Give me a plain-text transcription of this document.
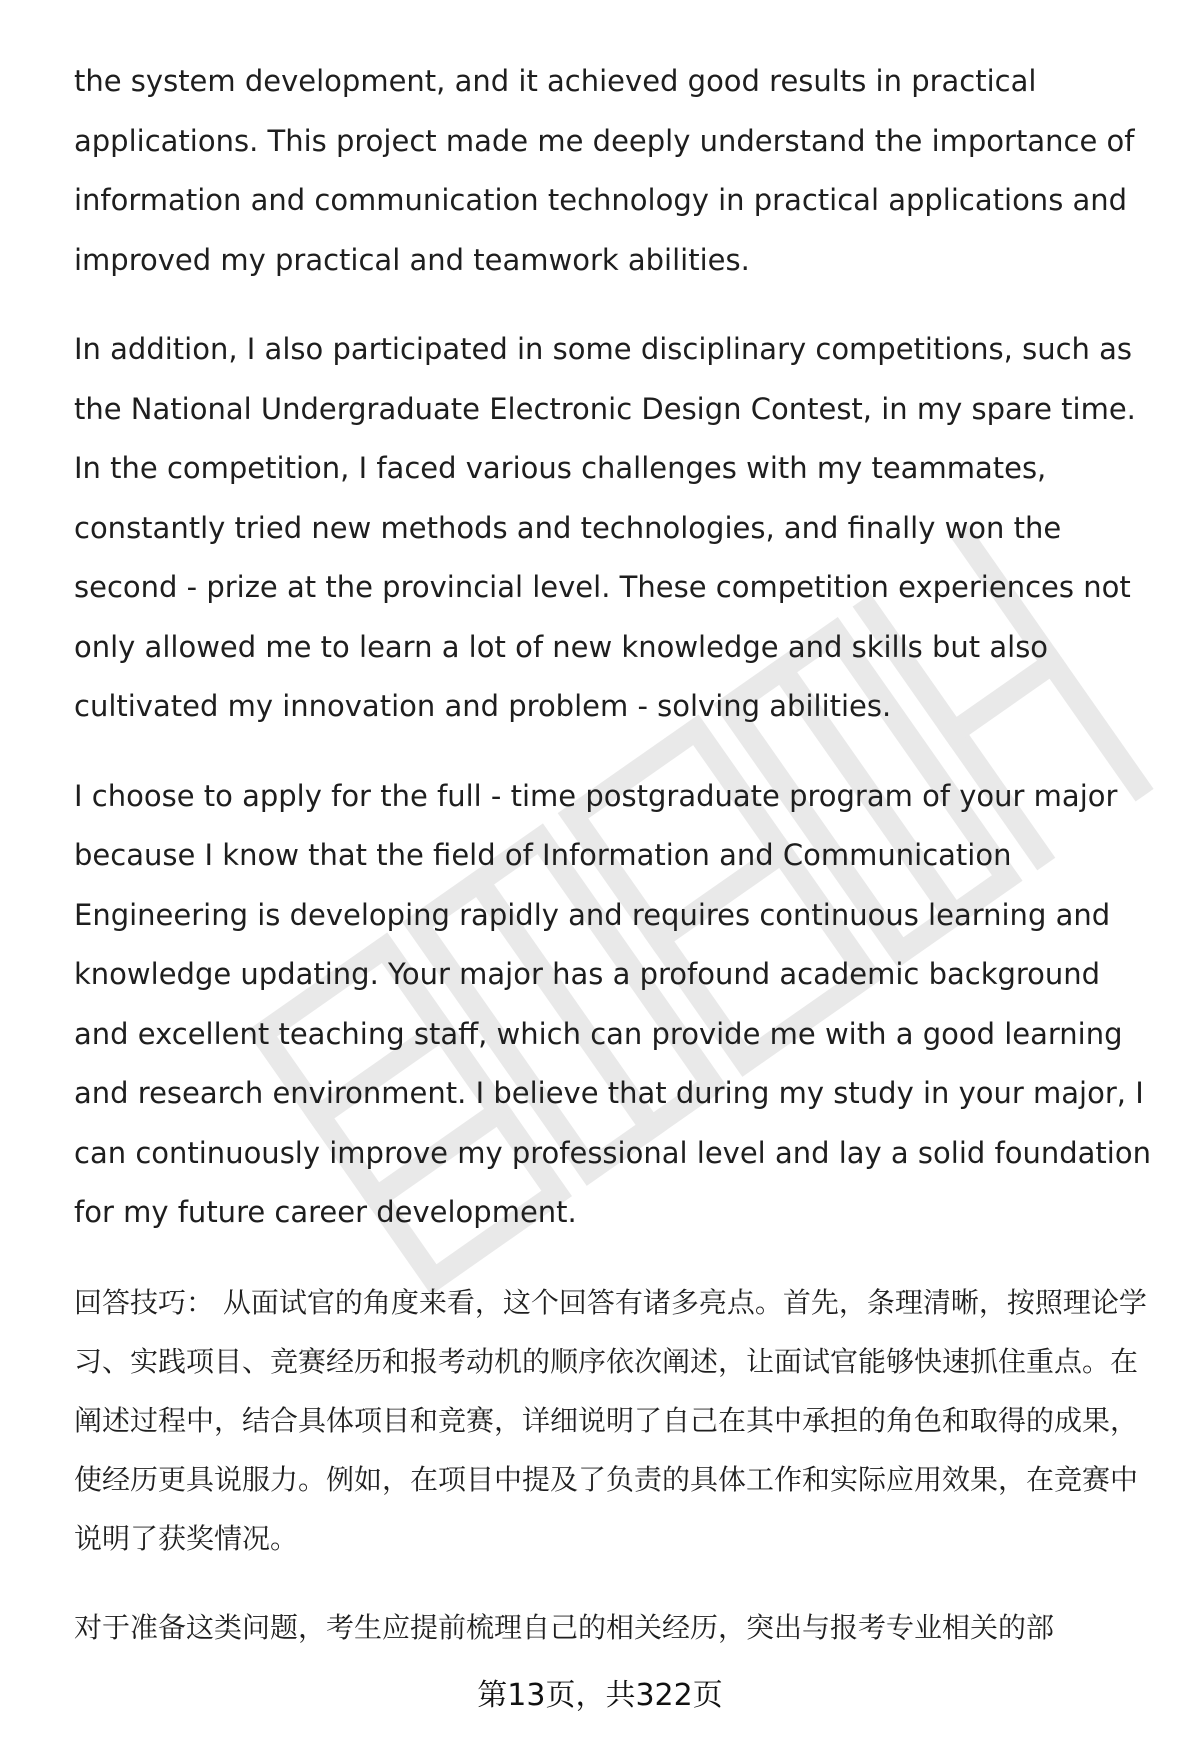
the system development, and it achieved good results in practical applications. This project made me deeply understand the importance of information and communication technology in practical applications and improved my practical and teamwork abilities.

In addition, I also participated in some disciplinary competitions, such as the National Undergraduate Electronic Design Contest, in my spare time. In the competition, I faced various challenges with my teammates, constantly tried new methods and technologies, and finally won the second - prize at the provincial level. These competition experiences not only allowed me to learn a lot of new knowledge and skills but also cultivated my innovation and problem - solving abilities.

I choose to apply for the full - time postgraduate program of your major because I know that the field of Information and Communication Engineering is developing rapidly and requires continuous learning and knowledge updating. Your major has a profound academic background and excellent teaching staff, which can provide me with a good learning and research environment. I believe that during my study in your major, I can continuously improve my professional level and lay a solid foundation for my future career development.

回答技巧： 从面试官的角度来看，这个回答有诸多亮点。首先，条理清晰，按照理论学习、实践项目、竞赛经历和报考动机的顺序依次阐述，让面试官能够快速抓住重点。在阐述过程中，结合具体项目和竞赛，详细说明了自己在其中承担的角色和取得的成果，使经历更具说服力。例如，在项目中提及了负责的具体工作和实际应用效果，在竞赛中说明了获奖情况。

对于准备这类问题，考生应提前梳理自己的相关经历，突出与报考专业相关的部

第13页，共322页
